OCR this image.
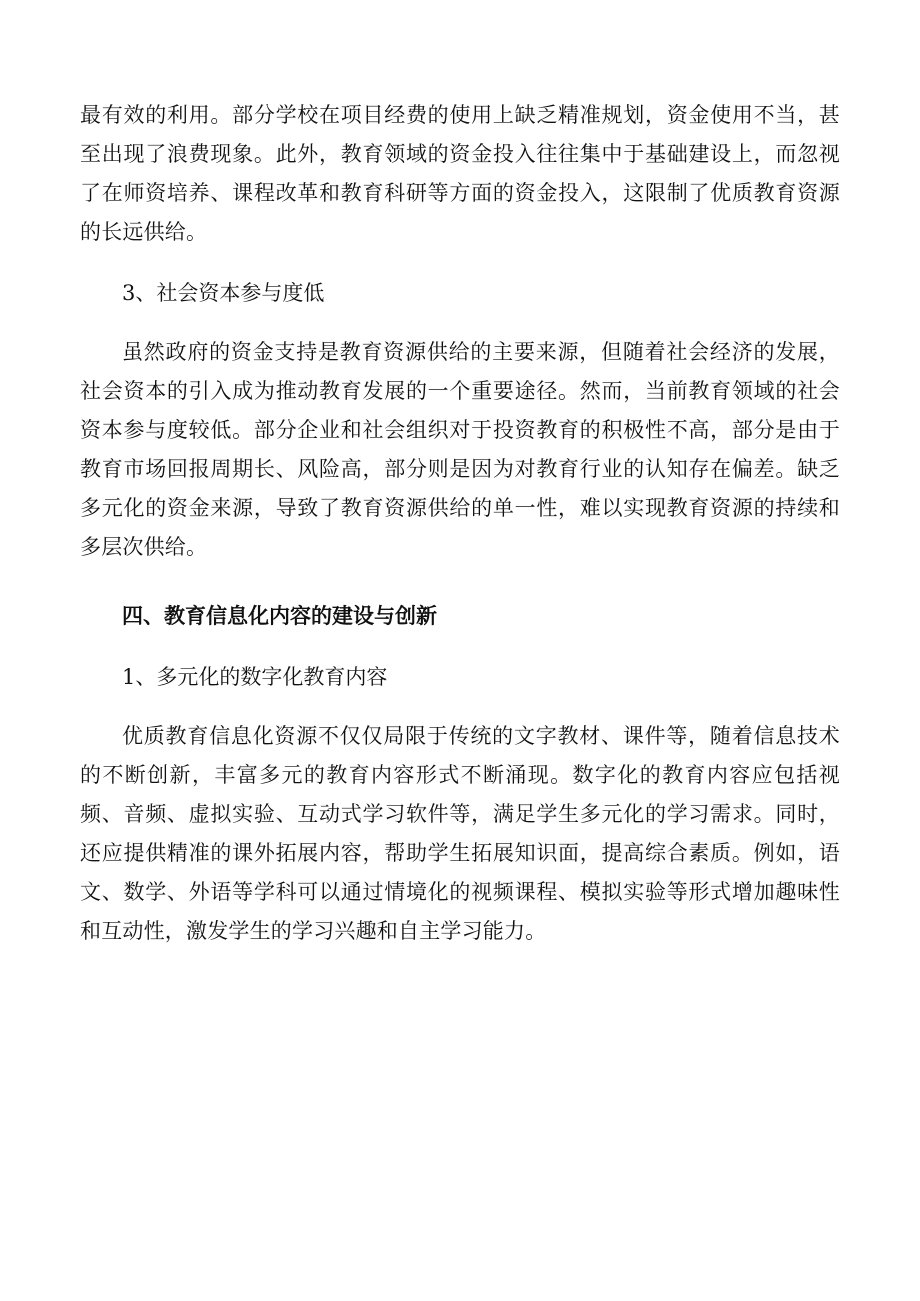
最有效的利用。部分学校在项目经费的使用上缺乏精准规划，资金使用不当，甚至出现了浪费现象。此外，教育领域的资金投入往往集中于基础建设上，而忽视了在师资培养、课程改革和教育科研等方面的资金投入，这限制了优质教育资源的长远供给。

3、社会资本参与度低

虽然政府的资金支持是教育资源供给的主要来源，但随着社会经济的发展，社会资本的引入成为推动教育发展的一个重要途径。然而，当前教育领域的社会资本参与度较低。部分企业和社会组织对于投资教育的积极性不高，部分是由于教育市场回报周期长、风险高，部分则是因为对教育行业的认知存在偏差。缺乏多元化的资金来源，导致了教育资源供给的单一性，难以实现教育资源的持续和多层次供给。

四、教育信息化内容的建设与创新

1、多元化的数字化教育内容

优质教育信息化资源不仅仅局限于传统的文字教材、课件等，随着信息技术的不断创新，丰富多元的教育内容形式不断涌现。数字化的教育内容应包括视频、音频、虚拟实验、互动式学习软件等，满足学生多元化的学习需求。同时，还应提供精准的课外拓展内容，帮助学生拓展知识面，提高综合素质。例如，语文、数学、外语等学科可以通过情境化的视频课程、模拟实验等形式增加趣味性和互动性，激发学生的学习兴趣和自主学习能力。
